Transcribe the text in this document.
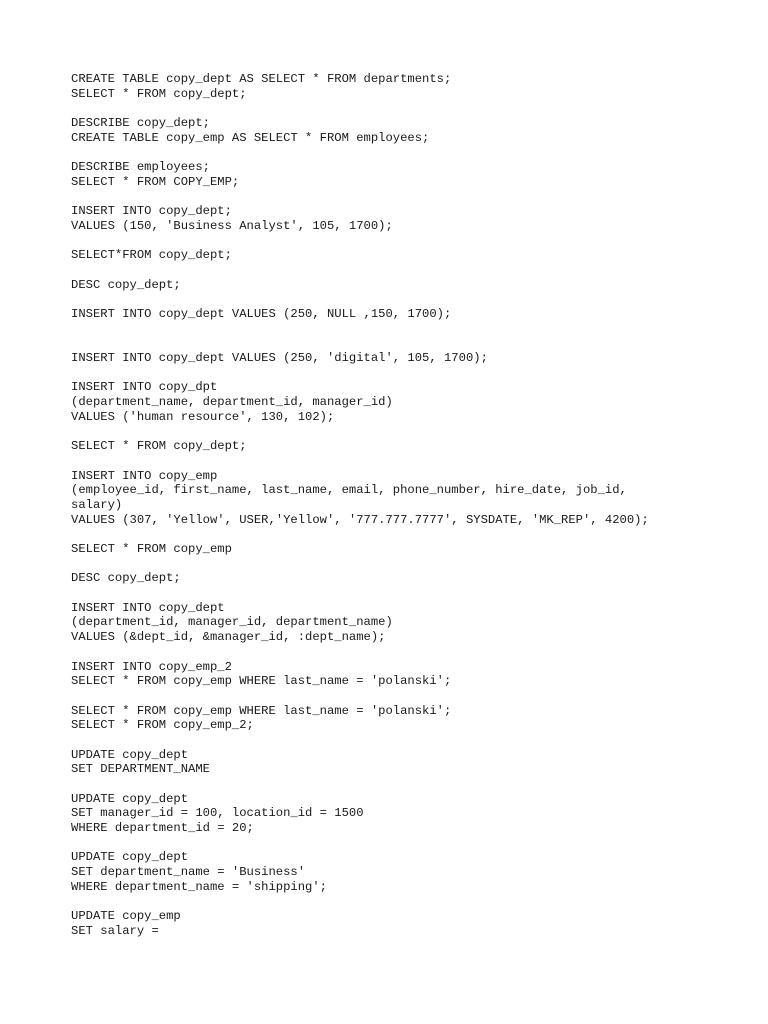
CREATE TABLE copy_dept AS SELECT * FROM departments;
SELECT * FROM copy_dept;
DESCRIBE copy_dept;
CREATE TABLE copy_emp AS SELECT * FROM employees;
DESCRIBE employees;
SELECT * FROM COPY_EMP;
INSERT INTO copy_dept;
VALUES (150, 'Business Analyst', 105, 1700);
SELECT*FROM copy_dept;
DESC copy_dept;
INSERT INTO copy_dept VALUES (250, NULL ,150, 1700);
INSERT INTO copy_dept VALUES (250, 'digital', 105, 1700);
INSERT INTO copy_dpt
(department_name, department_id, manager_id)
VALUES ('human resource', 130, 102);
SELECT * FROM copy_dept;
INSERT INTO copy_emp
(employee_id, first_name, last_name, email, phone_number, hire_date, job_id,
salary)
VALUES (307, 'Yellow', USER,'Yellow', '777.777.7777', SYSDATE, 'MK_REP', 4200);
SELECT * FROM copy_emp
DESC copy_dept;
INSERT INTO copy_dept
(department_id, manager_id, department_name)
VALUES (&dept_id, &manager_id, :dept_name);
INSERT INTO copy_emp_2
SELECT * FROM copy_emp WHERE last_name = 'polanski';
SELECT * FROM copy_emp WHERE last_name = 'polanski';
SELECT * FROM copy_emp_2;
UPDATE copy_dept
SET DEPARTMENT_NAME
UPDATE copy_dept
SET manager_id = 100, location_id = 1500
WHERE department_id = 20;
UPDATE copy_dept
SET department_name = 'Business'
WHERE department_name = 'shipping';
UPDATE copy_emp
SET salary =
